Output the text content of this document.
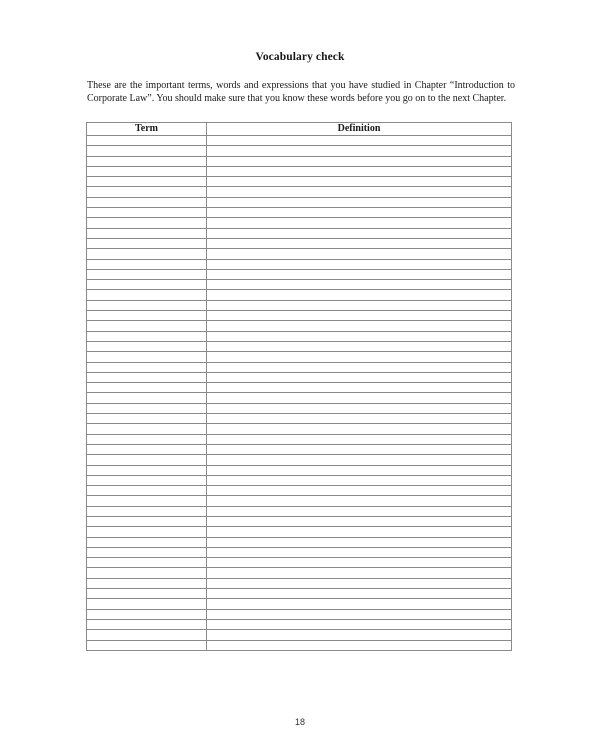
Vocabulary check

These are the important terms, words and expressions that you have studied in Chapter “Introduction to Corporate Law”. You should make sure that you know these words before you go on to the next Chapter.

Term	Definition

18
